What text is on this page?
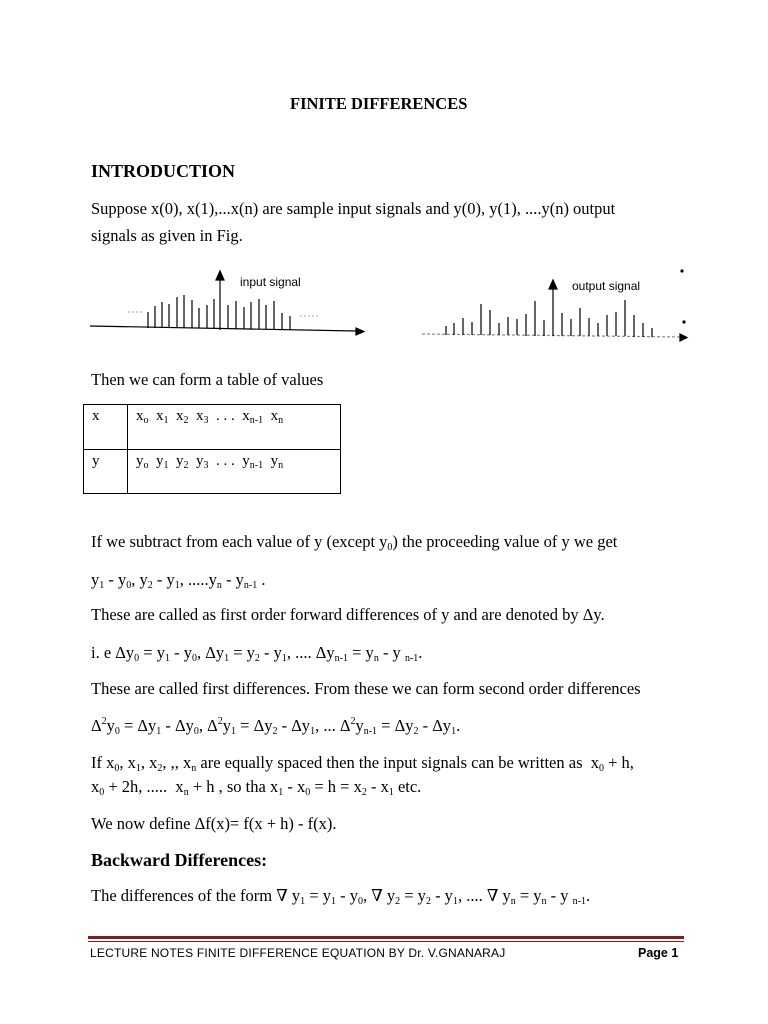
FINITE DIFFERENCES
INTRODUCTION
Suppose x(0), x(1),...x(n) are sample input signals and y(0), y(1), ....y(n) output
signals as given in Fig.
input signal	output signal
Then we can form a table of values
x	$x_o$  $x_1$  $x_2$  $x_3$ . . .  $x_{n-1}$  $x_n$
y	$y_o$  $y_1$  $y_2$  $y_3$ . . .  $y_{n-1}$  $y_n$
If we subtract from each value of y (except $y_0$) the proceeding value of y we get
$y_1 - y_0$, $y_2 - y_1$, $.....y_n - y_{n-1}$ .
These are called as first order forward differences of y and are denoted by Δy.
i. e $\Delta y_0 = y_1 - y_0$, $\Delta y_1 = y_2 - y_1$, .... $\Delta y_{n-1} = y_n - y$ $_{n-1}$.
These are called first differences. From these we can form second order differences
$\Delta^2y_0 = \Delta y_1 - \Delta y_0$, $\Delta^2y_1 = \Delta y_2 - \Delta y_1$, ... $\Delta^2y_{n-1} = \Delta y_2 - \Delta y_1$.
If $x_0$, $x_1$, $x_2$, ,, $x_n$ are equally spaced then the input signals can be written as  $x_0 + h$,
$x_0 + 2h$, .....  $x_n + h$ , so tha $x_1 - x_0 = h = x_2 - x_1$ etc.
We now define Δf(x)= f(x + h) - f(x).
Backward Differences:
The differences of the form ∇ $y_1 = y_1 - y_0$, ∇ $y_2 = y_2 - y_1$, .... ∇ $y_n = y_n - y$ $_{n-1}$.
LECTURE NOTES FINITE DIFFERENCE EQUATION BY Dr. V.GNANARAJ	Page 1
